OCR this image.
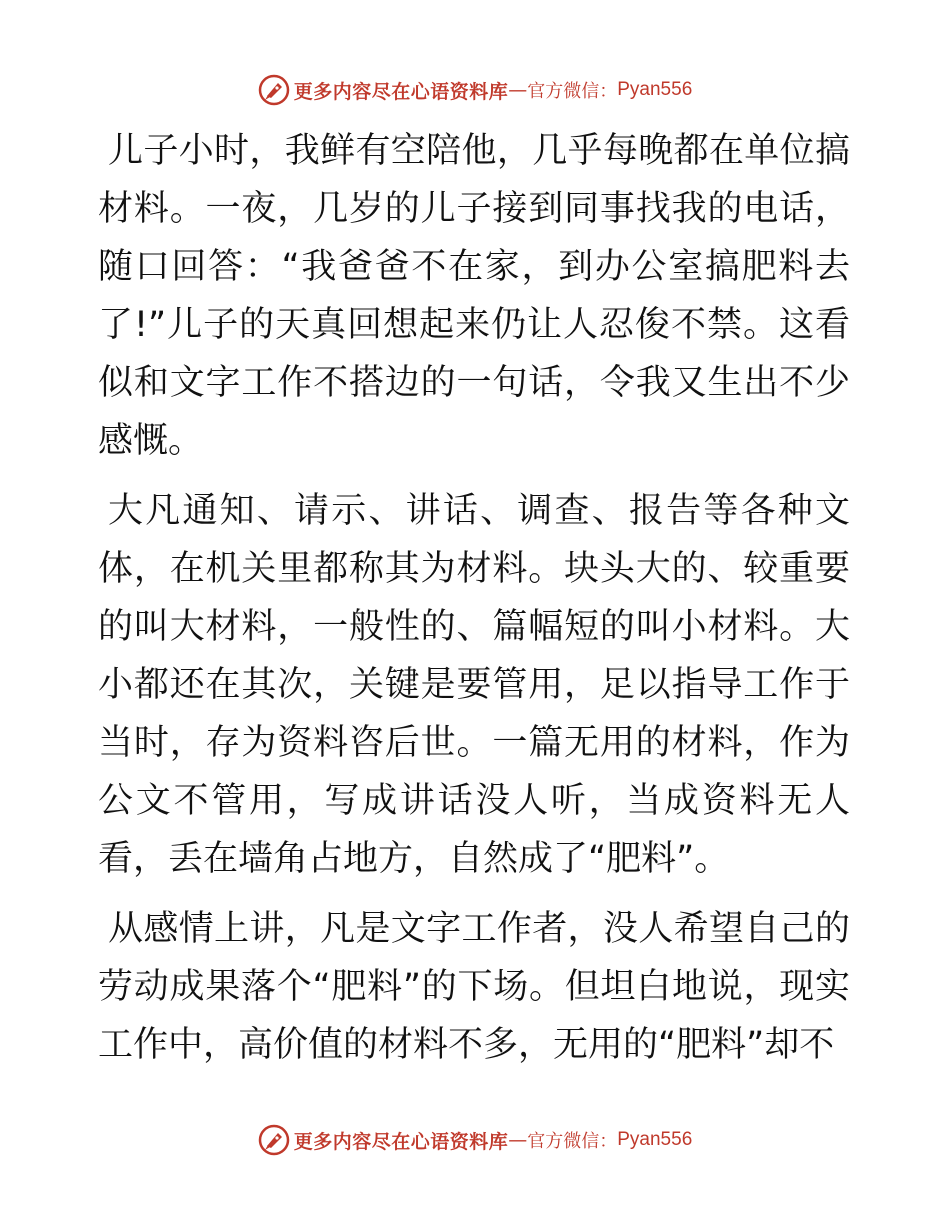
更多内容尽在心语资料库 — 官方微信： Pyan556

儿子小时，我鲜有空陪他，几乎每晚都在单位搞材料。一夜，几岁的儿子接到同事找我的电话，随口回答：“我爸爸不在家，到办公室搞肥料去了!”儿子的天真回想起来仍让人忍俊不禁。这看似和文字工作不搭边的一句话，令我又生出不少感慨。

大凡通知、请示、讲话、调查、报告等各种文体，在机关里都称其为材料。块头大的、较重要的叫大材料，一般性的、篇幅短的叫小材料。大小都还在其次，关键是要管用，足以指导工作于当时，存为资料咨后世。一篇无用的材料，作为公文不管用，写成讲话没人听，当成资料无人看，丢在墙角占地方，自然成了“肥料”。

从感情上讲，凡是文字工作者，没人希望自己的劳动成果落个“肥料”的下场。但坦白地说，现实工作中，高价值的材料不多，无用的“肥料”却不

更多内容尽在心语资料库 — 官方微信： Pyan556
